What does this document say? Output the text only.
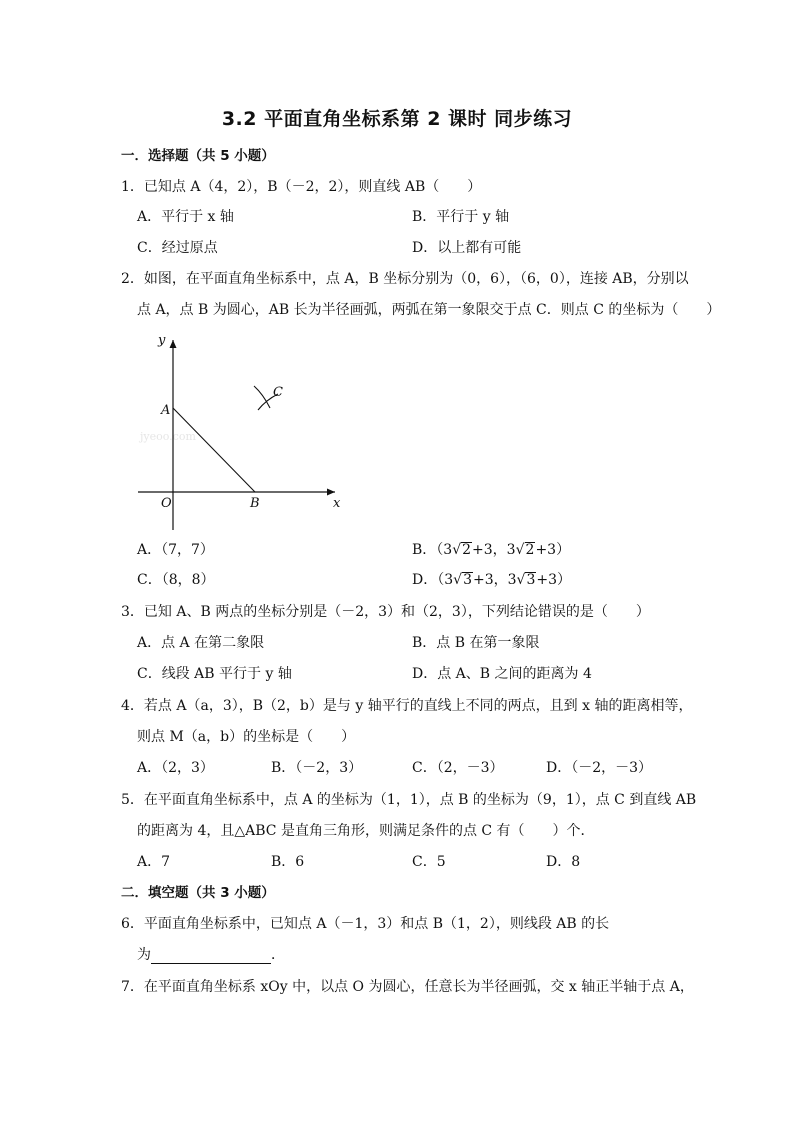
3.2 平面直角坐标系第 2 课时 同步练习
一．选择题（共 5 小题）
1．已知点 A（4，2），B（－2，2），则直线 AB（　　）
A．平行于 x 轴	B．平行于 y 轴
C．经过原点	D．以上都有可能
2．如图，在平面直角坐标系中，点 A，B 坐标分别为（0，6），（6，0），连接 AB，分别以
点 A，点 B 为圆心，AB 长为半径画弧，两弧在第一象限交于点 C．则点 C 的坐标为（　　）
jyeoo.com
y
x
A
B
C
O
A．（7，7）	B．（3√2+3，3√2+3）
C．（8，8）	D．（3√3+3，3√3+3）
3．已知 A、B 两点的坐标分别是（－2，3）和（2，3），下列结论错误的是（　　）
A．点 A 在第二象限	B．点 B 在第一象限
C．线段 AB 平行于 y 轴	D．点 A、B 之间的距离为 4
4．若点 A（a，3），B（2，b）是与 y 轴平行的直线上不同的两点，且到 x 轴的距离相等，
则点 M（a，b）的坐标是（　　）
A．（2，3）	B．（－2，3）	C．（2，－3）	D．（－2，－3）
5．在平面直角坐标系中，点 A 的坐标为（1，1），点 B 的坐标为（9，1），点 C 到直线 AB
的距离为 4，且△ABC 是直角三角形，则满足条件的点 C 有（　　）个．
A．7	B．6	C．5	D．8
二．填空题（共 3 小题）
6．平面直角坐标系中，已知点 A（－1，3）和点 B（1，2），则线段 AB 的长
为	．
7．在平面直角坐标系 xOy 中，以点 O 为圆心，任意长为半径画弧，交 x 轴正半轴于点 A，
